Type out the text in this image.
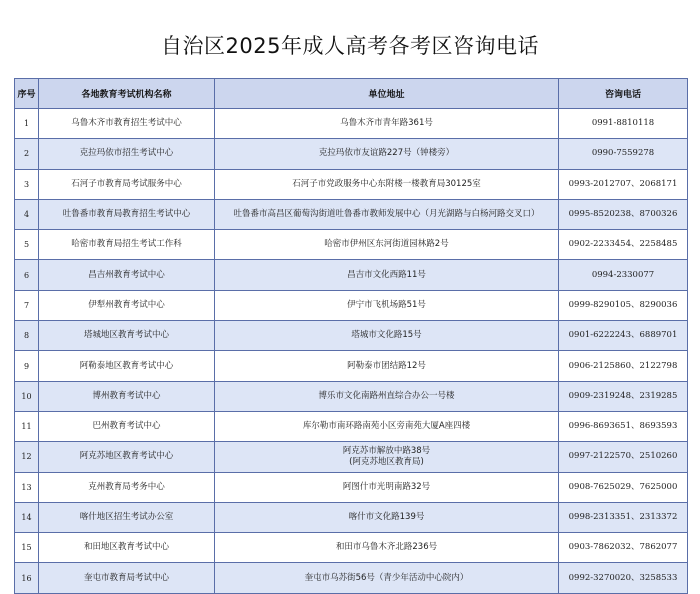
自治区2025年成人高考各考区咨询电话
序号	各地教育考试机构名称	单位地址	咨询电话
1	乌鲁木齐市教育招生考试中心	乌鲁木齐市青年路361号	0991-8810118
2	克拉玛依市招生考试中心	克拉玛依市友谊路227号（钟楼旁）	0990-7559278
3	石河子市教育局考试服务中心	石河子市党政服务中心东附楼一楼教育局30125室	0993-2012707、2068171
4	吐鲁番市教育局教育招生考试中心	吐鲁番市高昌区葡萄沟街道吐鲁番市教师发展中心（月光湖路与白杨河路交叉口）	0995-8520238、8700326
5	哈密市教育局招生考试工作科	哈密市伊州区东河街道园林路2号	0902-2233454、2258485
6	昌吉州教育考试中心	昌吉市文化西路11号	0994-2330077
7	伊犁州教育考试中心	伊宁市飞机场路51号	0999-8290105、8290036
8	塔城地区教育考试中心	塔城市文化路15号	0901-6222243、6889701
9	阿勒泰地区教育考试中心	阿勒泰市团结路12号	0906-2125860、2122798
10	博州教育考试中心	博乐市文化南路州直综合办公一号楼	0909-2319248、2319285
11	巴州教育考试中心	库尔勒市南环路南苑小区旁南苑大厦A座四楼	0996-8693651、8693593
12	阿克苏地区教育考试中心	阿克苏市解放中路38号
(阿克苏地区教育局)	0997-2122570、2510260
13	克州教育局考务中心	阿图什市光明南路32号	0908-7625029、7625000
14	喀什地区招生考试办公室	喀什市文化路139号	0998-2313351、2313372
15	和田地区教育考试中心	和田市乌鲁木齐北路236号	0903-7862032、7862077
16	奎屯市教育局考试中心	奎屯市乌苏街56号（青少年活动中心院内）	0992-3270020、3258533
